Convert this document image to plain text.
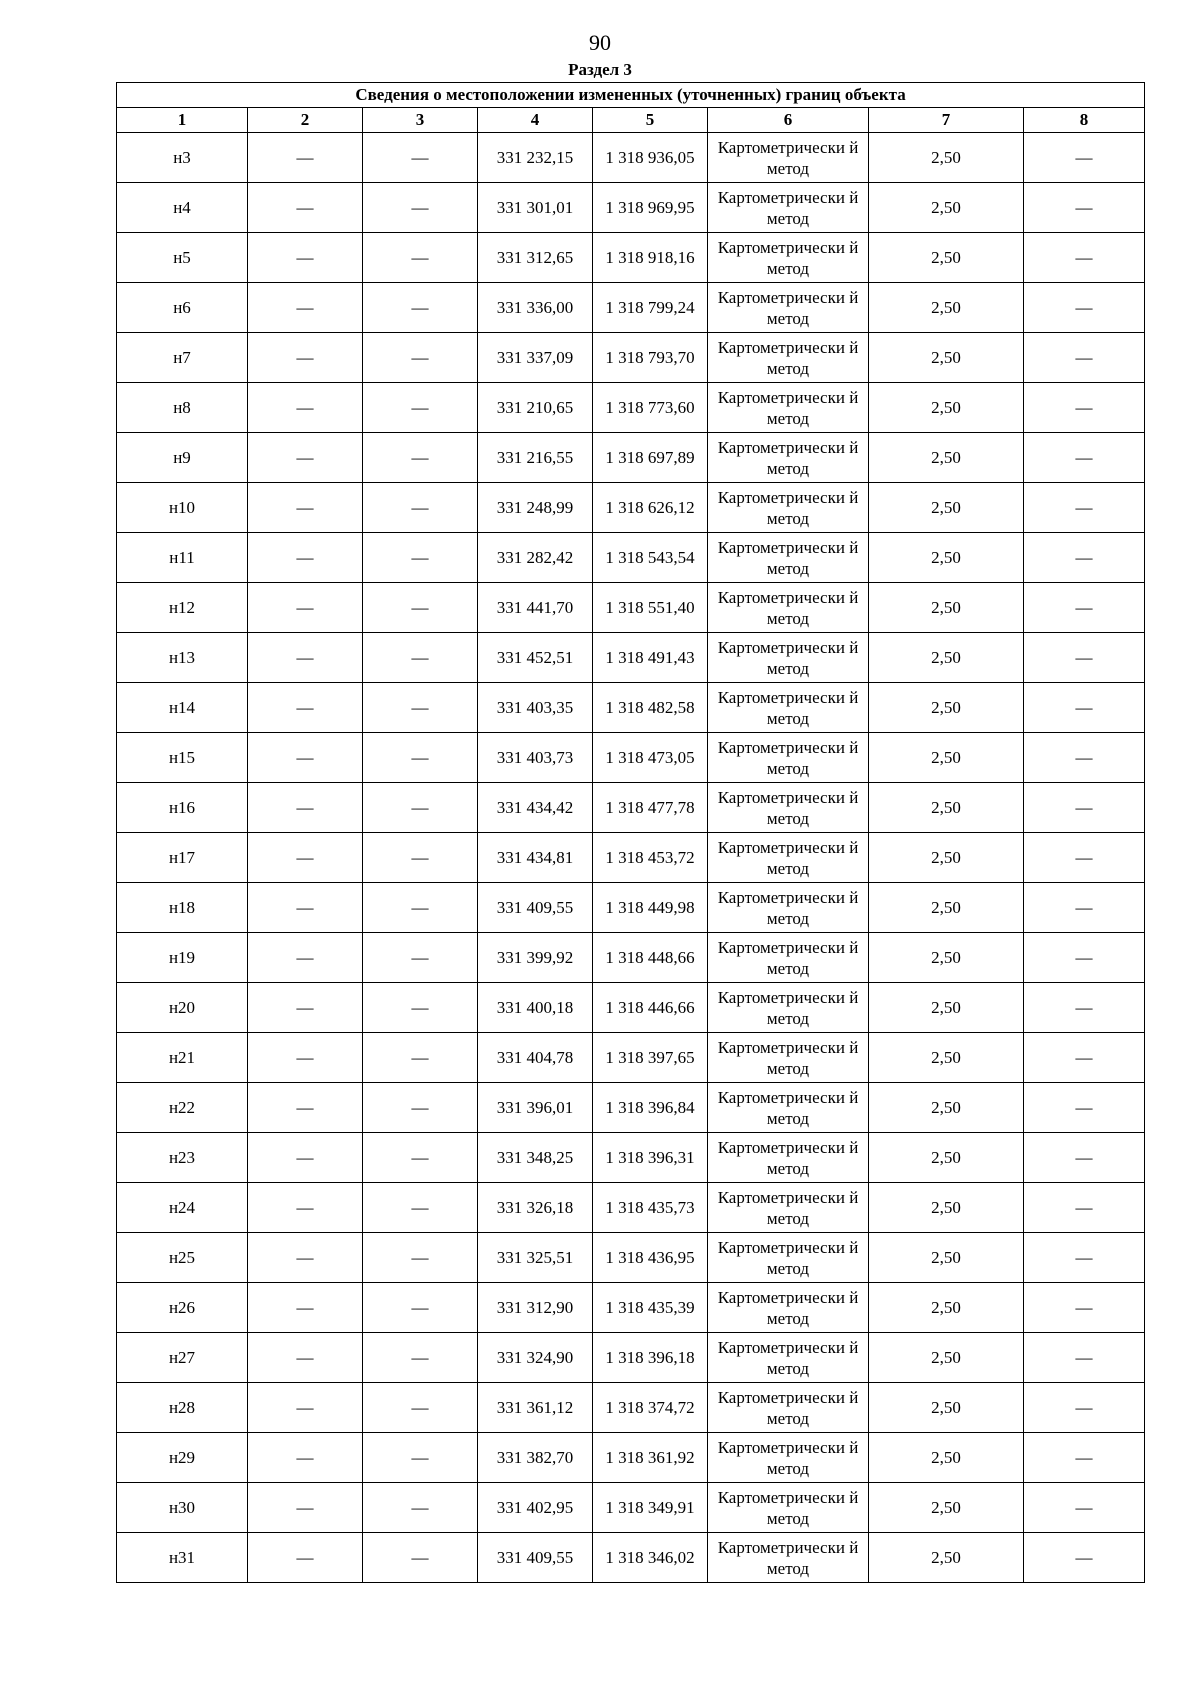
90
Раздел 3
Сведения о местоположении измененных (уточненных) границ объекта							
1	2	3	4	5	6	7	8
н3	—	—	331 232,15	1 318 936,05	Картометрически й метод	2,50	—
н4	—	—	331 301,01	1 318 969,95	Картометрически й метод	2,50	—
н5	—	—	331 312,65	1 318 918,16	Картометрически й метод	2,50	—
н6	—	—	331 336,00	1 318 799,24	Картометрически й метод	2,50	—
н7	—	—	331 337,09	1 318 793,70	Картометрически й метод	2,50	—
н8	—	—	331 210,65	1 318 773,60	Картометрически й метод	2,50	—
н9	—	—	331 216,55	1 318 697,89	Картометрически й метод	2,50	—
н10	—	—	331 248,99	1 318 626,12	Картометрически й метод	2,50	—
н11	—	—	331 282,42	1 318 543,54	Картометрически й метод	2,50	—
н12	—	—	331 441,70	1 318 551,40	Картометрически й метод	2,50	—
н13	—	—	331 452,51	1 318 491,43	Картометрически й метод	2,50	—
н14	—	—	331 403,35	1 318 482,58	Картометрически й метод	2,50	—
н15	—	—	331 403,73	1 318 473,05	Картометрически й метод	2,50	—
н16	—	—	331 434,42	1 318 477,78	Картометрически й метод	2,50	—
н17	—	—	331 434,81	1 318 453,72	Картометрически й метод	2,50	—
н18	—	—	331 409,55	1 318 449,98	Картометрически й метод	2,50	—
н19	—	—	331 399,92	1 318 448,66	Картометрически й метод	2,50	—
н20	—	—	331 400,18	1 318 446,66	Картометрически й метод	2,50	—
н21	—	—	331 404,78	1 318 397,65	Картометрически й метод	2,50	—
н22	—	—	331 396,01	1 318 396,84	Картометрически й метод	2,50	—
н23	—	—	331 348,25	1 318 396,31	Картометрически й метод	2,50	—
н24	—	—	331 326,18	1 318 435,73	Картометрически й метод	2,50	—
н25	—	—	331 325,51	1 318 436,95	Картометрически й метод	2,50	—
н26	—	—	331 312,90	1 318 435,39	Картометрически й метод	2,50	—
н27	—	—	331 324,90	1 318 396,18	Картометрически й метод	2,50	—
н28	—	—	331 361,12	1 318 374,72	Картометрически й метод	2,50	—
н29	—	—	331 382,70	1 318 361,92	Картометрически й метод	2,50	—
н30	—	—	331 402,95	1 318 349,91	Картометрически й метод	2,50	—
н31	—	—	331 409,55	1 318 346,02	Картометрически й метод	2,50	—
